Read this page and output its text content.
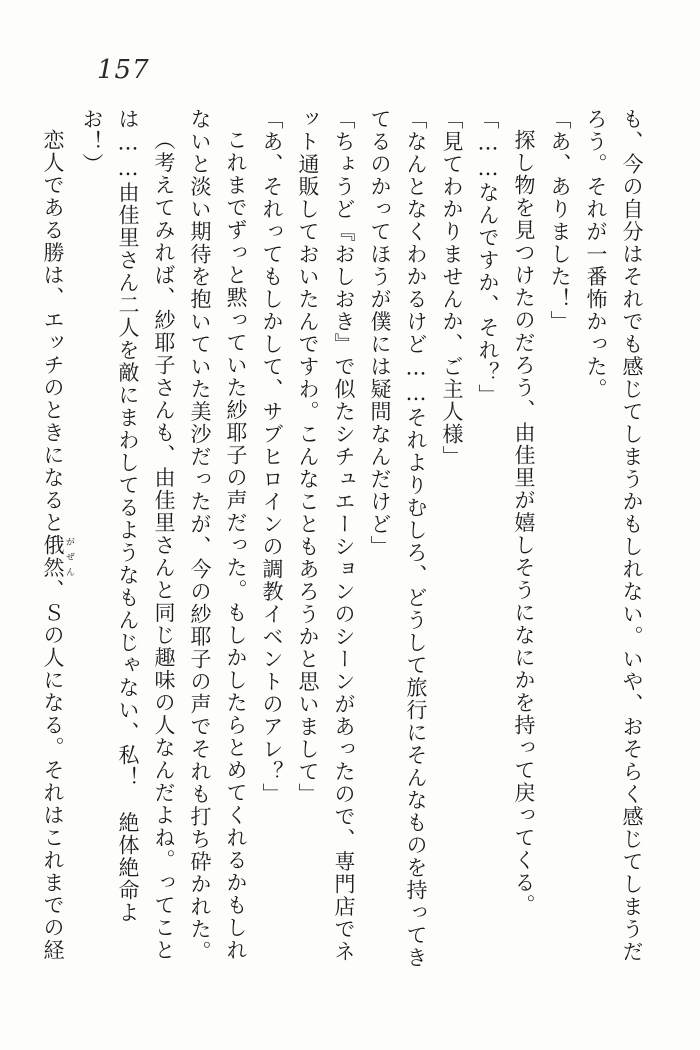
157

も、今の自分はそれでも感じてしまうかもしれない。いや、おそらく感じてしまうだろう。それが一番怖かった。

「あ、ありました！」

探し物を見つけたのだろう、由佳里が嬉しそうになにかを持って戻ってくる。

「……なんですか、それ？」

「見てわかりませんか、ご主人様」

「なんとなくわかるけど……それよりむしろ、どうして旅行にそんなものを持ってきてるのかってほうが僕には疑問なんだけど」

「ちょうど『おしおき』で似たシチュエーションのシーンがあったので、専門店でネット通販しておいたんですわ。こんなこともあろうかと思いまして」

「あ、それってもしかして、サブヒロインの調教イベントのアレ？」

これまでずっと黙っていた紗耶子の声だった。もしかしたらとめてくれるかもしれないと淡い期待を抱いていた美沙だったが、今の紗耶子の声でそれも打ち砕かれた。

（考えてみれば、紗耶子さんも、由佳里さんと同じ趣味の人なんだよね。ってことは……由佳里さん二人を敵にまわしてるようなもんじゃない、私！　絶体絶命よお！）

恋人である勝は、エッチのときになると俄然 がぜん、Ｓの人になる。それはこれまでの経
